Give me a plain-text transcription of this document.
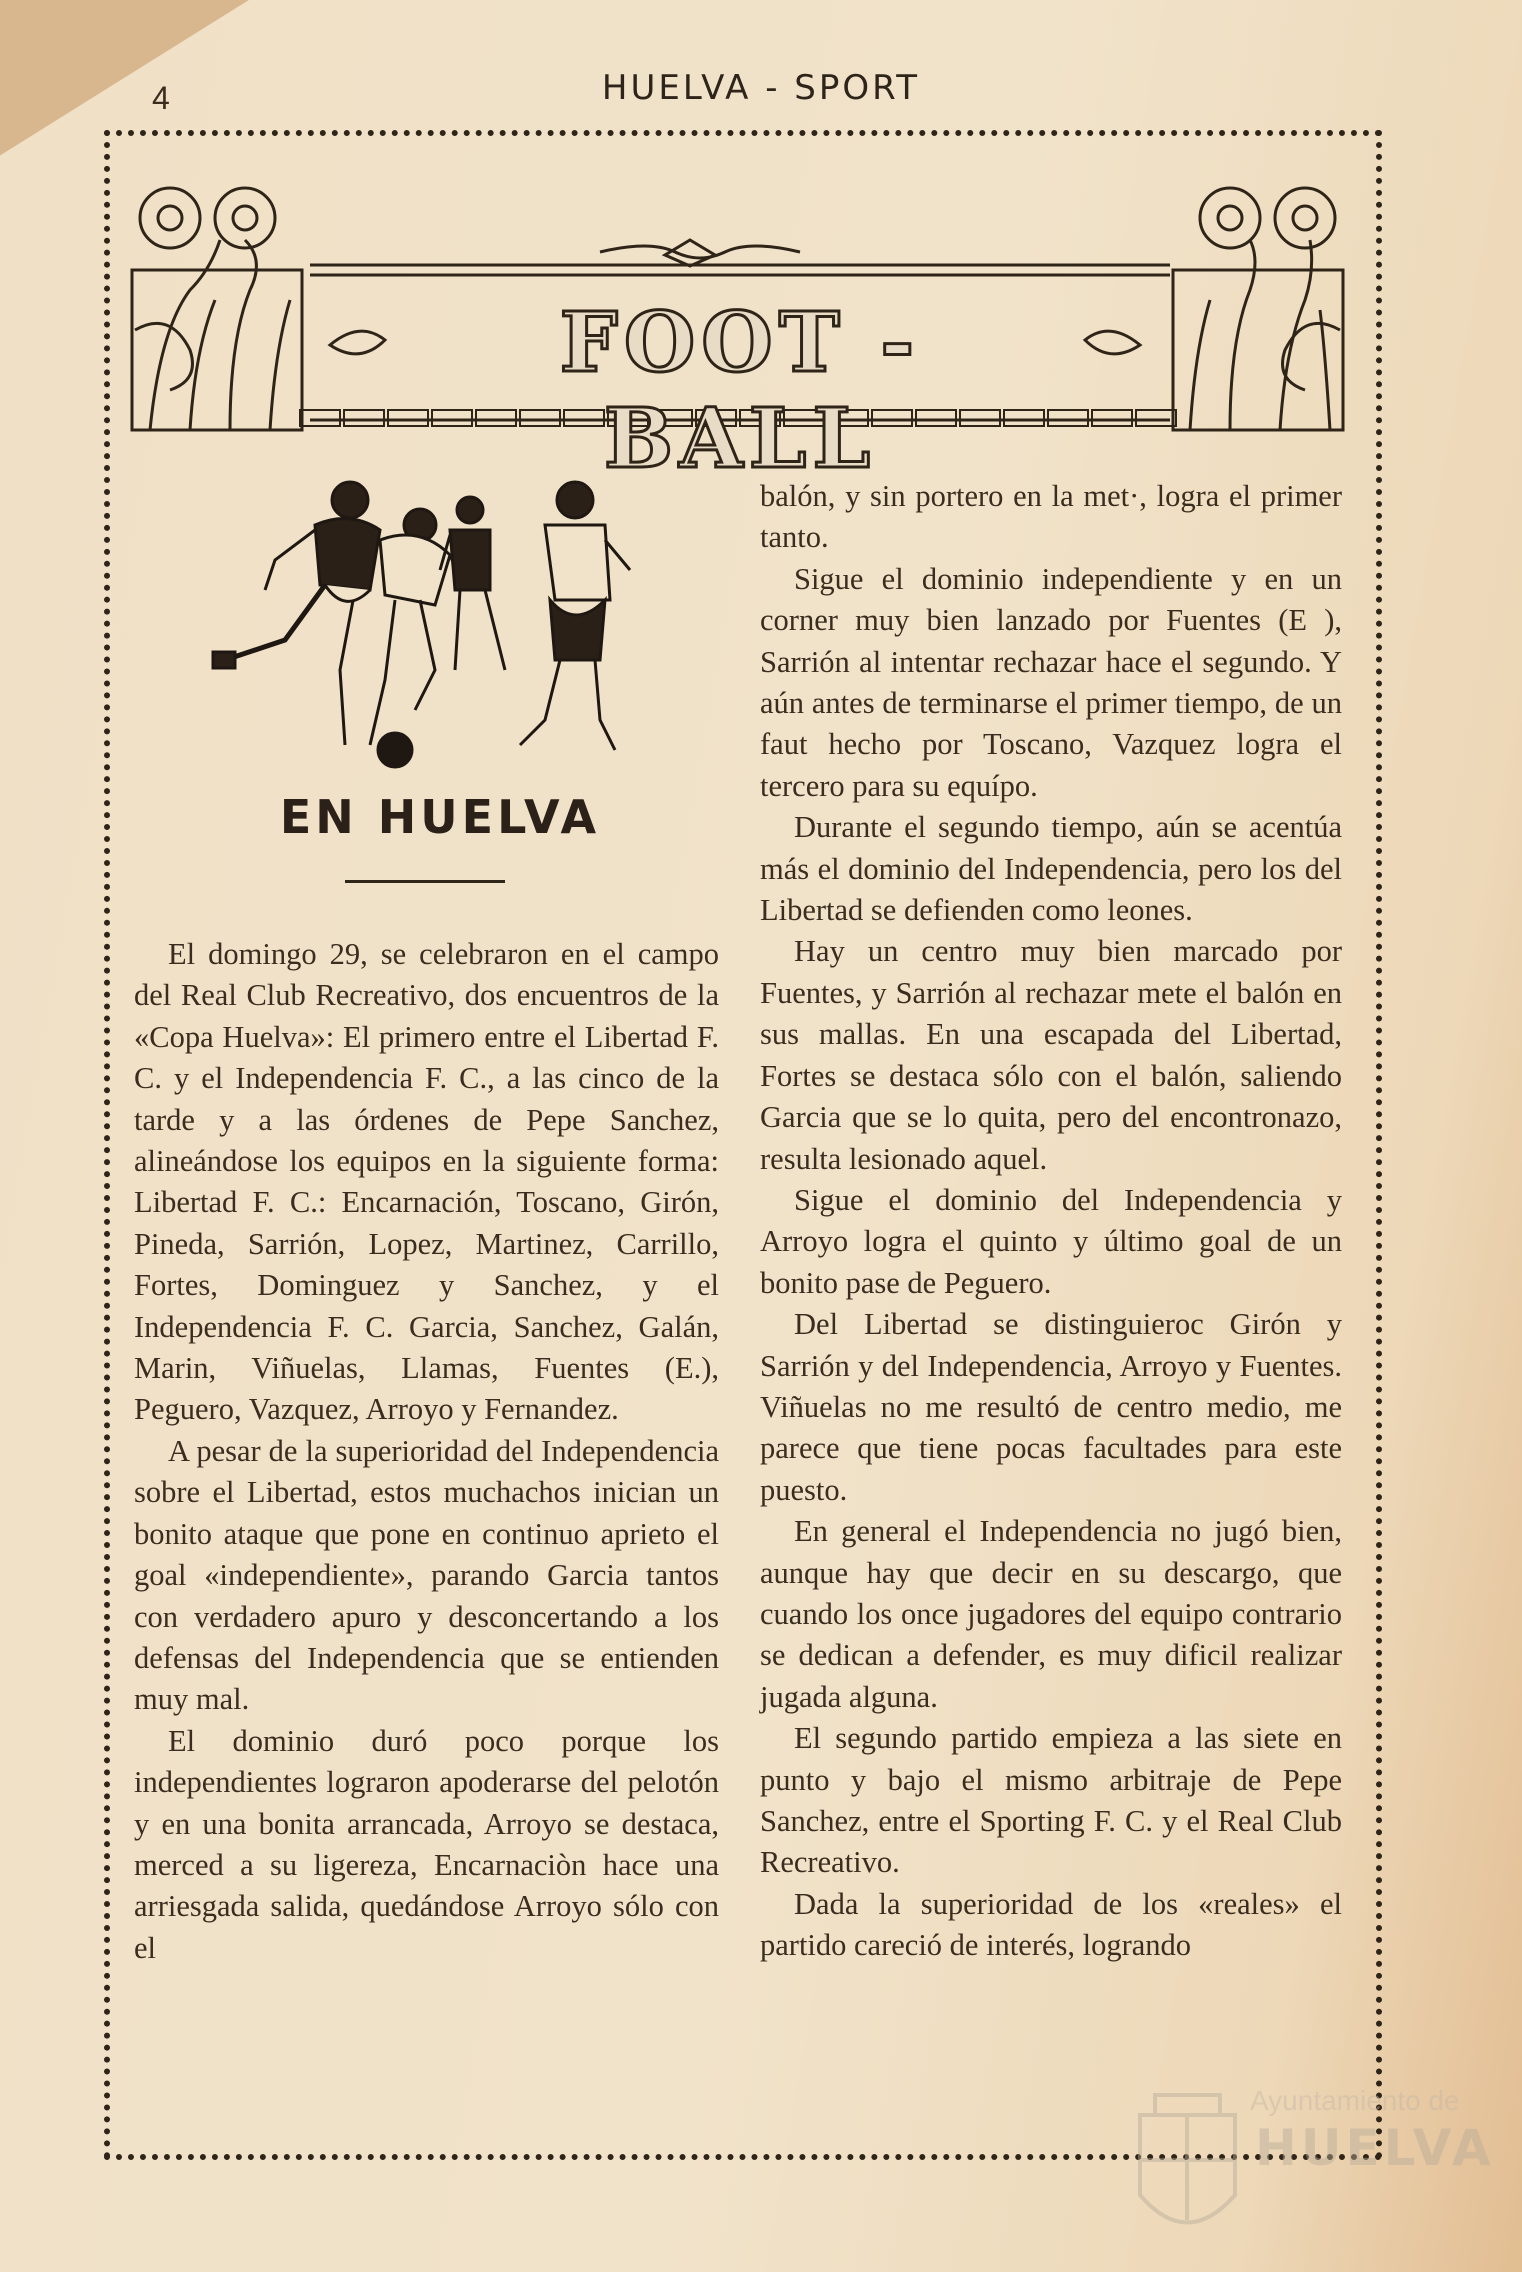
4	HUELVA - SPORT
FOOT - BALL
EN HUELVA

El domingo 29, se celebraron en el campo del Real Club Recreativo, dos encuentros de la «Copa Huelva»: El primero entre el Libertad F. C. y el Independencia F. C., a las cinco de la tarde y a las órdenes de Pepe Sanchez, alineándose los equipos en la siguiente forma: Libertad F. C.: Encarnación, Toscano, Girón, Pineda, Sarrión, Lopez, Martinez, Carrillo, Fortes, Dominguez y Sanchez, y el Independencia F. C. Garcia, Sanchez, Galán, Marin, Viñuelas, Llamas, Fuentes (E.), Peguero, Vazquez, Arroyo y Fernandez.

A pesar de la superioridad del Independencia sobre el Libertad, estos muchachos inician un bonito ataque que pone en continuo aprieto el goal «independiente», parando Garcia tantos con verdadero apuro y desconcertando a los defensas del Independencia que se entienden muy mal.

El dominio duró poco porque los independientes lograron apoderarse del pelotón y en una bonita arrancada, Arroyo se destaca, merced a su ligereza, Encarnaciòn hace una arriesgada salida, quedándose Arroyo sólo con el

balón, y sin portero en la met·, logra el primer tanto.

Sigue el dominio independiente y en un corner muy bien lanzado por Fuentes (E ), Sarrión al intentar rechazar hace el segundo. Y aún antes de terminarse el primer tiempo, de un faut hecho por Toscano, Vazquez logra el tercero para su equípo.

Durante el segundo tiempo, aún se acentúa más el dominio del Independencia, pero los del Libertad se defienden como leones.

Hay un centro muy bien marcado por Fuentes, y Sarrión al rechazar mete el balón en sus mallas. En una escapada del Libertad, Fortes se destaca sólo con el balón, saliendo Garcia que se lo quita, pero del encontronazo, resulta lesionado aquel.

Sigue el dominio del Independencia y Arroyo logra el quinto y último goal de un bonito pase de Peguero.

Del Libertad se distinguieroc Girón y Sarrión y del Independencia, Arroyo y Fuentes. Viñuelas no me resultó de centro medio, me parece que tiene pocas facultades para este puesto.

En general el Independencia no jugó bien, aunque hay que decir en su descargo, que cuando los once jugadores del equipo contrario se dedican a defender, es muy dificil realizar jugada alguna.

El segundo partido empieza a las siete en punto y bajo el mismo arbitraje de Pepe Sanchez, entre el Sporting F. C. y el Real Club Recreativo.

Dada la superioridad de los «reales» el partido careció de interés, logrando

Ayuntamiento de
HUELVA
